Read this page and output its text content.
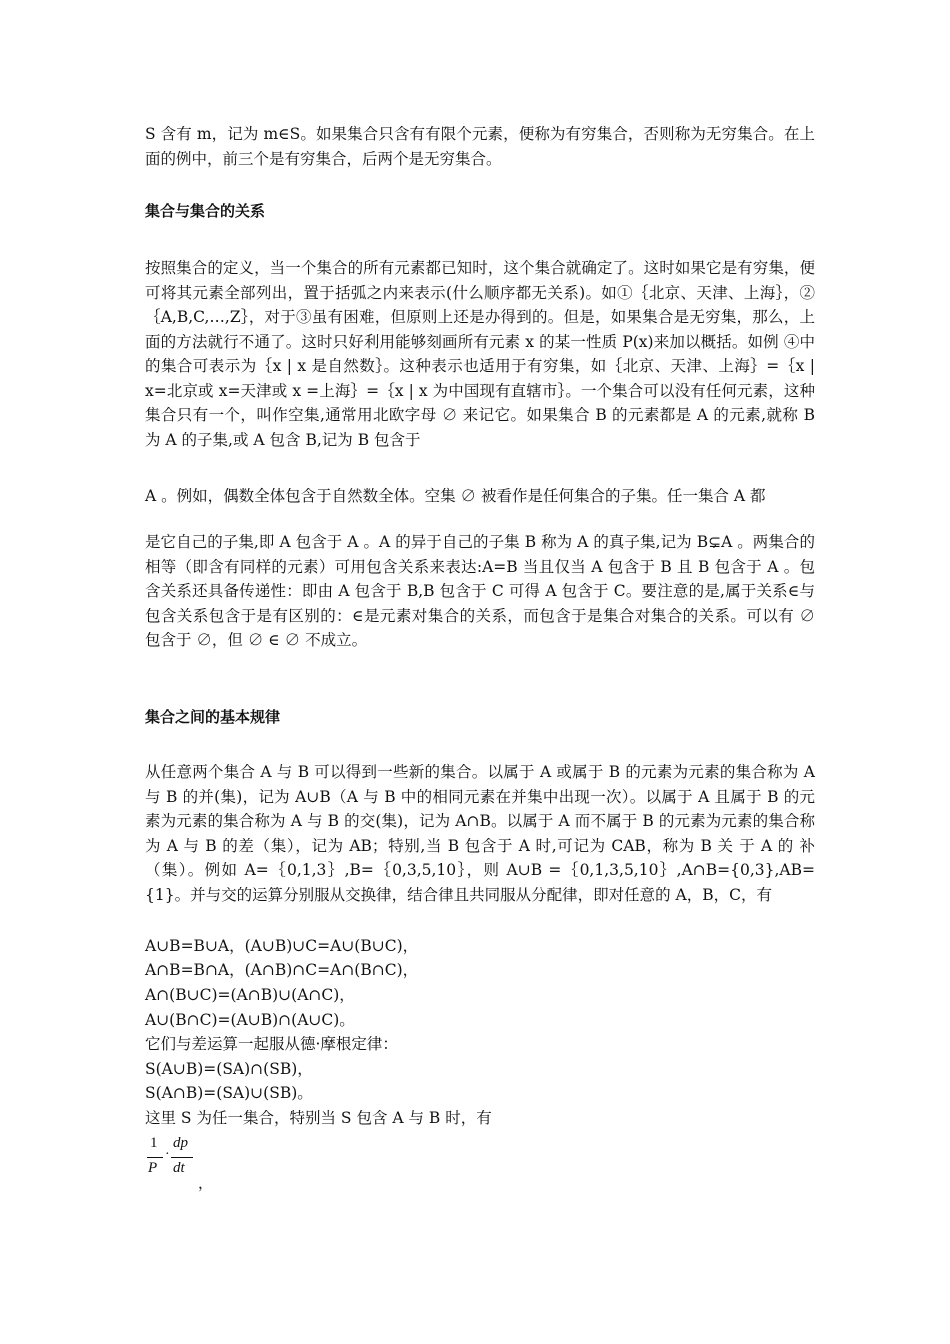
S 含有 m，记为 m∈S。如果集合只含有有限个元素，便称为有穷集合，否则称为无穷集合。在上面的例中，前三个是有穷集合，后两个是无穷集合。
集合与集合的关系
按照集合的定义，当一个集合的所有元素都已知时，这个集合就确定了。这时如果它是有穷集，便可将其元素全部列出，置于括弧之内来表示(什么顺序都无关系)。如①｛北京、天津、上海｝，②｛A,B,C,…,Z｝，对于③虽有困难，但原则上还是办得到的。但是，如果集合是无穷集，那么，上面的方法就行不通了。这时只好利用能够刻画所有元素 x 的某一性质 P(x)来加以概括。如例 ④中的集合可表示为｛x | x 是自然数｝。这种表示也适用于有穷集，如｛北京、天津、上海｝=｛x | x=北京或 x=天津或 x =上海｝=｛x | x 为中国现有直辖市｝。一个集合可以没有任何元素，这种集合只有一个，叫作空集,通常用北欧字母 ∅ 来记它。如果集合 B 的元素都是 A 的元素,就称 B 为 A 的子集,或 A 包含 B,记为 B 包含于
A 。例如，偶数全体包含于自然数全体。空集 ∅ 被看作是任何集合的子集。任一集合 A 都
是它自己的子集,即 A 包含于 A 。A 的异于自己的子集 B 称为 A 的真子集,记为 B⊊A 。两集合的相等（即含有同样的元素）可用包含关系来表达:A=B 当且仅当 A 包含于 B 且 B 包含于 A 。包含关系还具备传递性：即由 A 包含于 B,B 包含于 C 可得 A 包含于 C。要注意的是,属于关系∈与包含关系包含于是有区别的：∈是元素对集合的关系，而包含于是集合对集合的关系。可以有 ∅ 包含于 ∅，但 ∅ ∈ ∅ 不成立。
集合之间的基本规律
从任意两个集合 A 与 B 可以得到一些新的集合。以属于 A 或属于 B 的元素为元素的集合称为 A 与 B 的并(集)，记为 A∪B（A 与 B 中的相同元素在并集中出现一次）。以属于 A 且属于 B 的元素为元素的集合称为 A 与 B 的交(集)，记为 A∩B。以属于 A 而不属于 B 的元素为元素的集合称为 A 与 B 的差（集），记为 AB；特别,当 B 包含于 A 时,可记为 CAB，称为 B 关 于 A 的 补（集）。例如 A=｛0,1,3｝,B=｛0,3,5,10｝，则 A∪B =｛0,1,3,5,10｝,A∩B={0,3},AB={1}。并与交的运算分别服从交换律，结合律且共同服从分配律，即对任意的 A，B，C，有
A∪B=B∪A，(A∪B)∪C=A∪(B∪C)，
A∩B=B∩A，(A∩B)∩C=A∩(B∩C)，
A∩(B∪C)=(A∩B)∪(A∩C)，
A∪(B∩C)=(A∪B)∩(A∪C)。
它们与差运算一起服从德·摩根定律：
S(A∪B)=(SA)∩(SB)，
S(A∩B)=(SA)∪(SB)。
这里 S 为任一集合，特别当 S 包含 A 与 B 时，有
1
P
·
dp
dt
，
